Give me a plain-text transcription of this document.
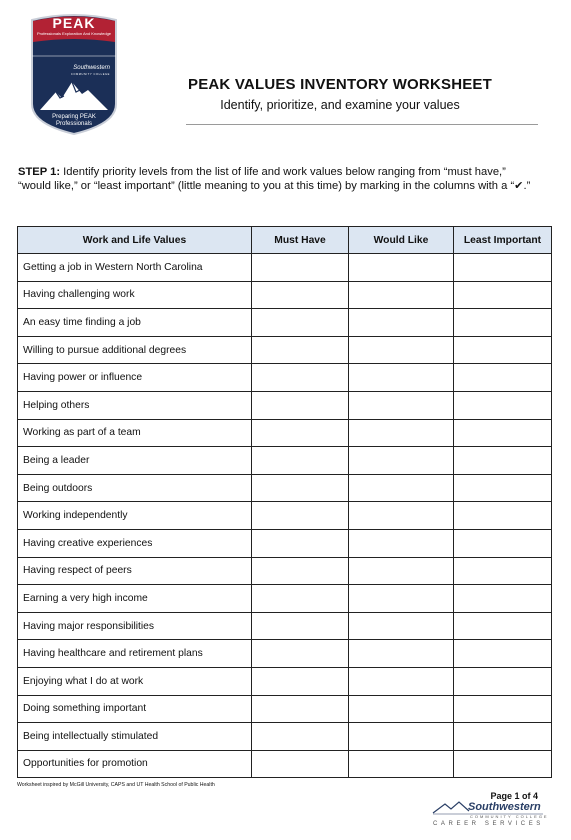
PEAK
Professionals Exploration And Knowledge
Southwestern
COMMUNITY COLLEGE
Preparing PEAK
Professionals
PEAK VALUES INVENTORY WORKSHEET
Identify, prioritize, and examine your values
STEP 1: Identify priority levels from the list of life and work values below ranging from “must have,” “would like,” or “least important” (little meaning to you at this time) by marking in the columns with a “✔.”
Work and Life Values	Must Have	Would Like	Least Important
Getting a job in Western North Carolina			
Having challenging work			
An easy time finding a job			
Willing to pursue additional degrees			
Having power or influence			
Helping others			
Working as part of a team			
Being a leader			
Being outdoors			
Working independently			
Having creative experiences			
Having respect of peers			
Earning a very high income			
Having major responsibilities			
Having healthcare and retirement plans			
Enjoying what I do at work			
Doing something important			
Being intellectually stimulated			
Opportunities for promotion			
Worksheet inspired by McGill University, CAPS and UT Health School of Public Health
Page 1 of 4
Southwestern
COMMUNITY COLLEGE
CAREER SERVICES
